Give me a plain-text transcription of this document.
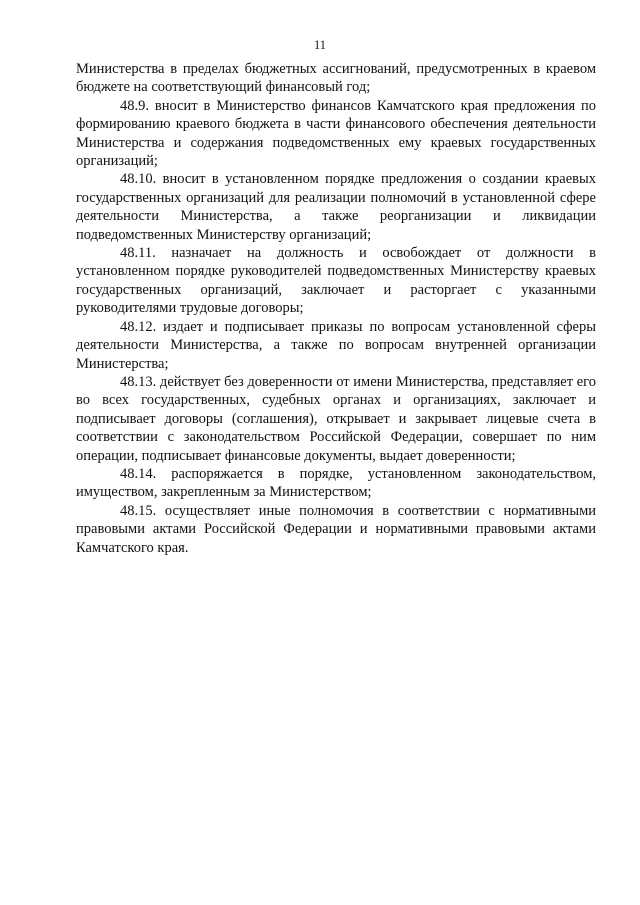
11

Министерства в пределах бюджетных ассигнований, предусмотренных в краевом бюджете на соответствующий финансовый год;

48.9. вносит в Министерство финансов Камчатского края предложения по формированию краевого бюджета в части финансового обеспечения деятельности Министерства и содержания подведомственных ему краевых государственных организаций;

48.10. вносит в установленном порядке предложения о создании краевых государственных организаций для реализации полномочий в установленной сфере деятельности Министерства, а также реорганизации и ликвидации подведомственных Министерству организаций;

48.11. назначает на должность и освобождает от должности в установленном порядке руководителей подведомственных Министерству краевых государственных организаций, заключает и расторгает с указанными руководителями трудовые договоры;

48.12. издает и подписывает приказы по вопросам установленной сферы деятельности Министерства, а также по вопросам внутренней организации Министерства;

48.13. действует без доверенности от имени Министерства, представляет его во всех государственных, судебных органах и организациях, заключает и подписывает договоры (соглашения), открывает и закрывает лицевые счета в соответствии с законодательством Российской Федерации, совершает по ним операции, подписывает финансовые документы, выдает доверенности;

48.14. распоряжается в порядке, установленном законодательством, имуществом, закрепленным за Министерством;

48.15. осуществляет иные полномочия в соответствии с нормативными правовыми актами Российской Федерации и нормативными правовыми актами Камчатского края.
